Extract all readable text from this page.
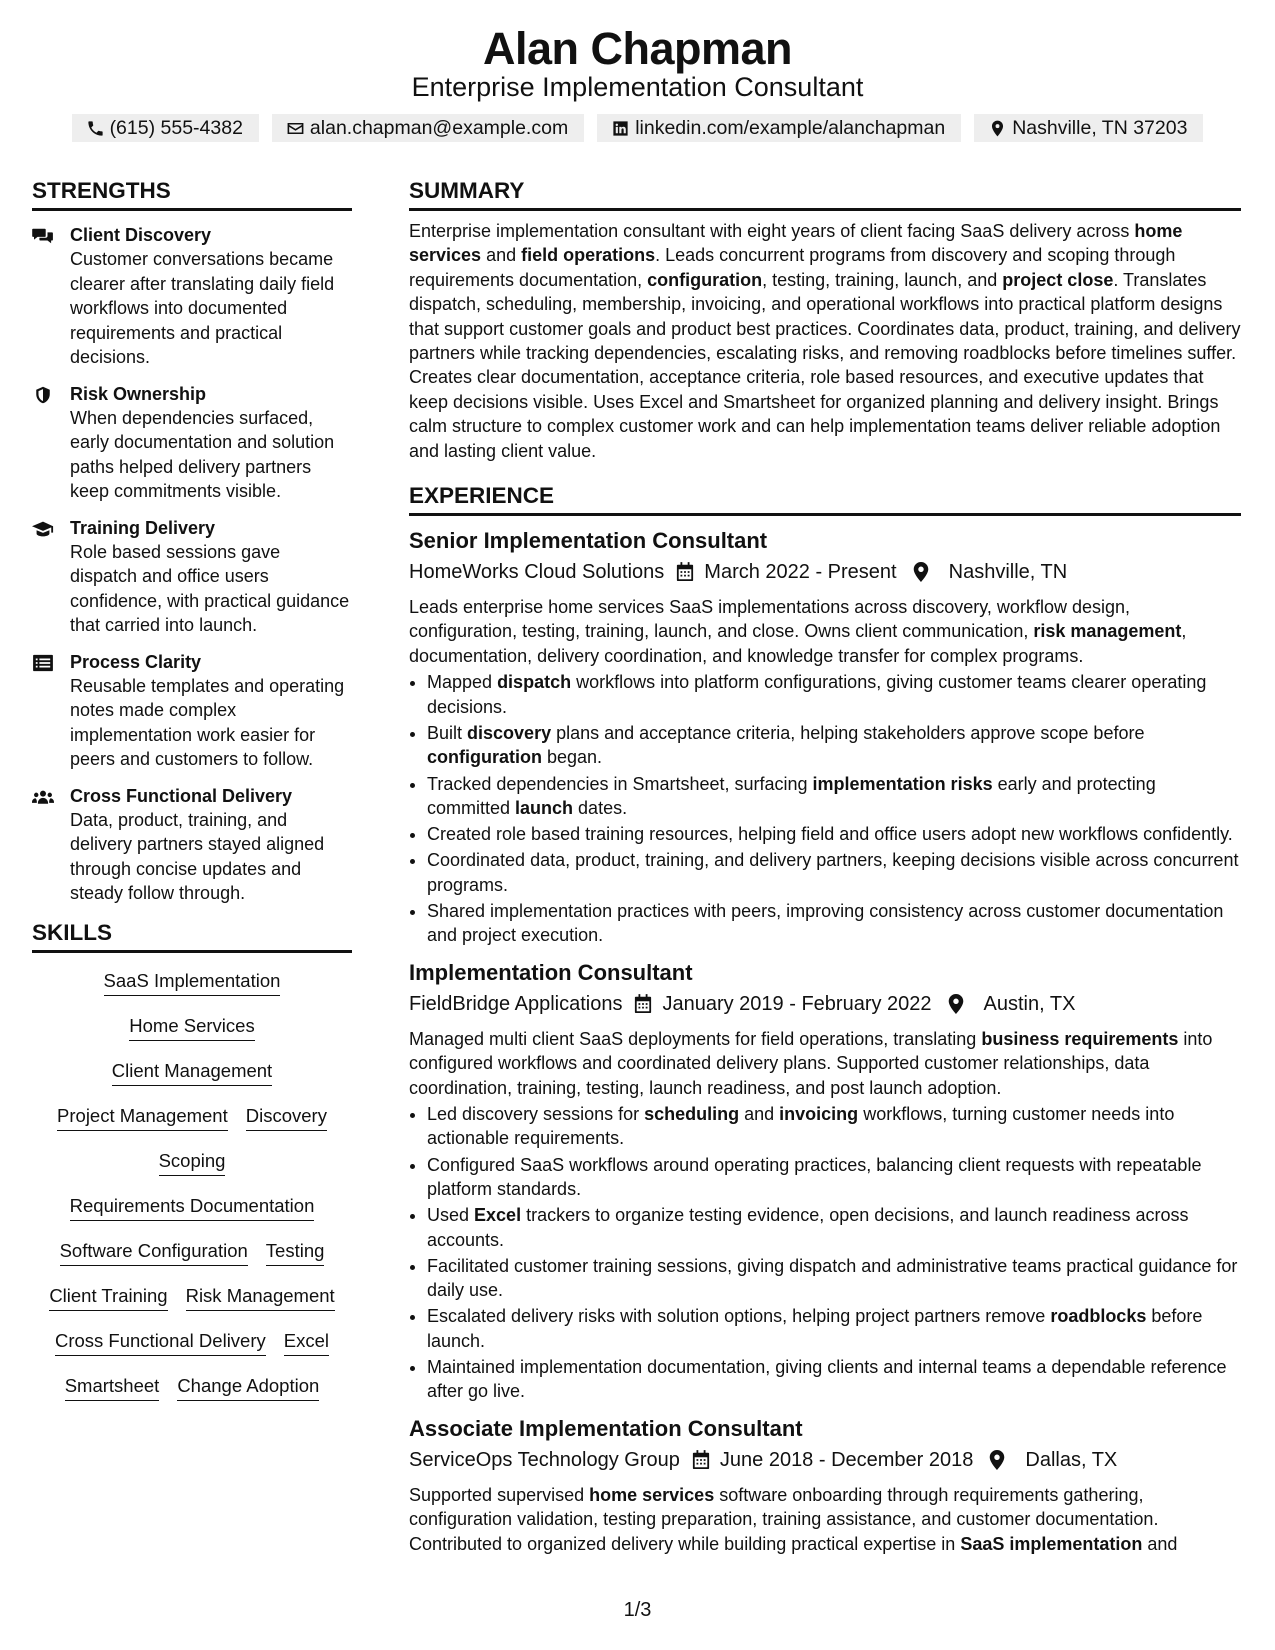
Alan Chapman
Enterprise Implementation Consultant
(615) 555-4382	alan.chapman@example.com	linkedin.com/example/alanchapman	Nashville, TN 37203
STRENGTHS
Client Discovery
Customer conversations became clearer after translating daily field workflows into documented requirements and practical decisions.
Risk Ownership
When dependencies surfaced, early documentation and solution paths helped delivery partners keep commitments visible.
Training Delivery
Role based sessions gave dispatch and office users confidence, with practical guidance that carried into launch.
Process Clarity
Reusable templates and operating notes made complex implementation work easier for peers and customers to follow.
Cross Functional Delivery
Data, product, training, and delivery partners stayed aligned through concise updates and steady follow through.
SKILLS
SaaS Implementation
Home Services
Client Management
Project Management Discovery
Scoping
Requirements Documentation
Software Configuration Testing
Client Training Risk Management
Cross Functional Delivery Excel
Smartsheet Change Adoption
SUMMARY
Enterprise implementation consultant with eight years of client facing SaaS delivery across home services and field operations. Leads concurrent programs from discovery and scoping through requirements documentation, configuration, testing, training, launch, and project close. Translates dispatch, scheduling, membership, invoicing, and operational workflows into practical platform designs that support customer goals and product best practices. Coordinates data, product, training, and delivery partners while tracking dependencies, escalating risks, and removing roadblocks before timelines suffer. Creates clear documentation, acceptance criteria, role based resources, and executive updates that keep decisions visible. Uses Excel and Smartsheet for organized planning and delivery insight. Brings calm structure to complex customer work and can help implementation teams deliver reliable adoption and lasting client value.
EXPERIENCE
Senior Implementation Consultant
HomeWorks Cloud Solutions March 2022 - Present	Nashville, TN
Leads enterprise home services SaaS implementations across discovery, workflow design, configuration, testing, training, launch, and close. Owns client communication, risk management, documentation, delivery coordination, and knowledge transfer for complex programs.
• Mapped dispatch workflows into platform configurations, giving customer teams clearer operating decisions.
• Built discovery plans and acceptance criteria, helping stakeholders approve scope before configuration began.
• Tracked dependencies in Smartsheet, surfacing implementation risks early and protecting committed launch dates.
• Created role based training resources, helping field and office users adopt new workflows confidently.
• Coordinated data, product, training, and delivery partners, keeping decisions visible across concurrent programs.
• Shared implementation practices with peers, improving consistency across customer documentation and project execution.
Implementation Consultant
FieldBridge Applications January 2019 - February 2022	Austin, TX
Managed multi client SaaS deployments for field operations, translating business requirements into configured workflows and coordinated delivery plans. Supported customer relationships, data coordination, training, testing, launch readiness, and post launch adoption.
• Led discovery sessions for scheduling and invoicing workflows, turning customer needs into actionable requirements.
• Configured SaaS workflows around operating practices, balancing client requests with repeatable platform standards.
• Used Excel trackers to organize testing evidence, open decisions, and launch readiness across accounts.
• Facilitated customer training sessions, giving dispatch and administrative teams practical guidance for daily use.
• Escalated delivery risks with solution options, helping project partners remove roadblocks before launch.
• Maintained implementation documentation, giving clients and internal teams a dependable reference after go live.
Associate Implementation Consultant
ServiceOps Technology Group June 2018 - December 2018	Dallas, TX
Supported supervised home services software onboarding through requirements gathering, configuration validation, testing preparation, training assistance, and customer documentation. Contributed to organized delivery while building practical expertise in SaaS implementation and
1/3
